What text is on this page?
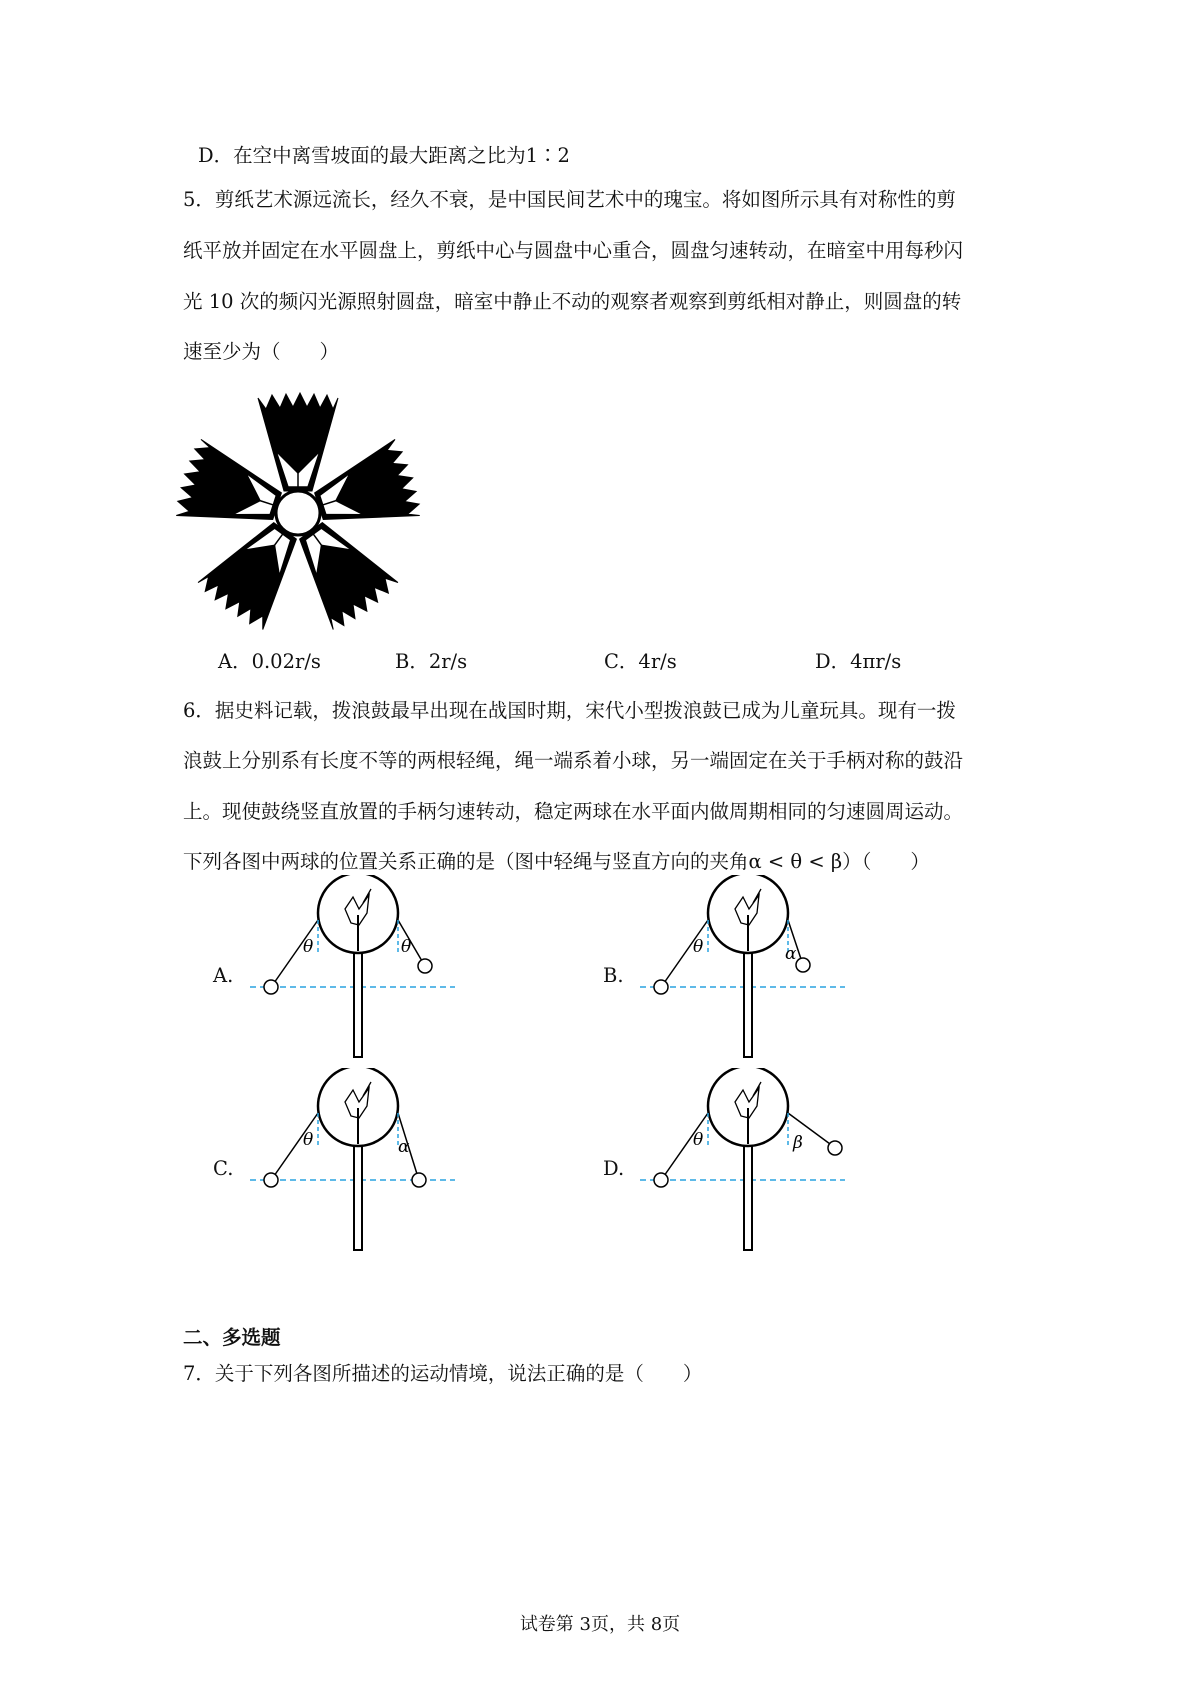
D．在空中离雪坡面的最大距离之比为1∶2
5．剪纸艺术源远流长，经久不衰，是中国民间艺术中的瑰宝。将如图所示具有对称性的剪
纸平放并固定在水平圆盘上，剪纸中心与圆盘中心重合，圆盘匀速转动，在暗室中用每秒闪
光 10 次的频闪光源照射圆盘，暗室中静止不动的观察者观察到剪纸相对静止，则圆盘的转
速至少为（　　）
A．0.02r/s	B．2r/s	C．4r/s	D．4πr/s
6．据史料记载，拨浪鼓最早出现在战国时期，宋代小型拨浪鼓已成为儿童玩具。现有一拨
浪鼓上分别系有长度不等的两根轻绳，绳一端系着小球，另一端固定在关于手柄对称的鼓沿
上。现使鼓绕竖直放置的手柄匀速转动，稳定两球在水平面内做周期相同的匀速圆周运动。
下列各图中两球的位置关系正确的是（图中轻绳与竖直方向的夹角α < θ < β）（　　）
A.
θ	θ
B.
θ	α
C.
θ	α
D.
θ	β
二、多选题
7．关于下列各图所描述的运动情境，说法正确的是（　　）
试卷第 3页，共 8页
